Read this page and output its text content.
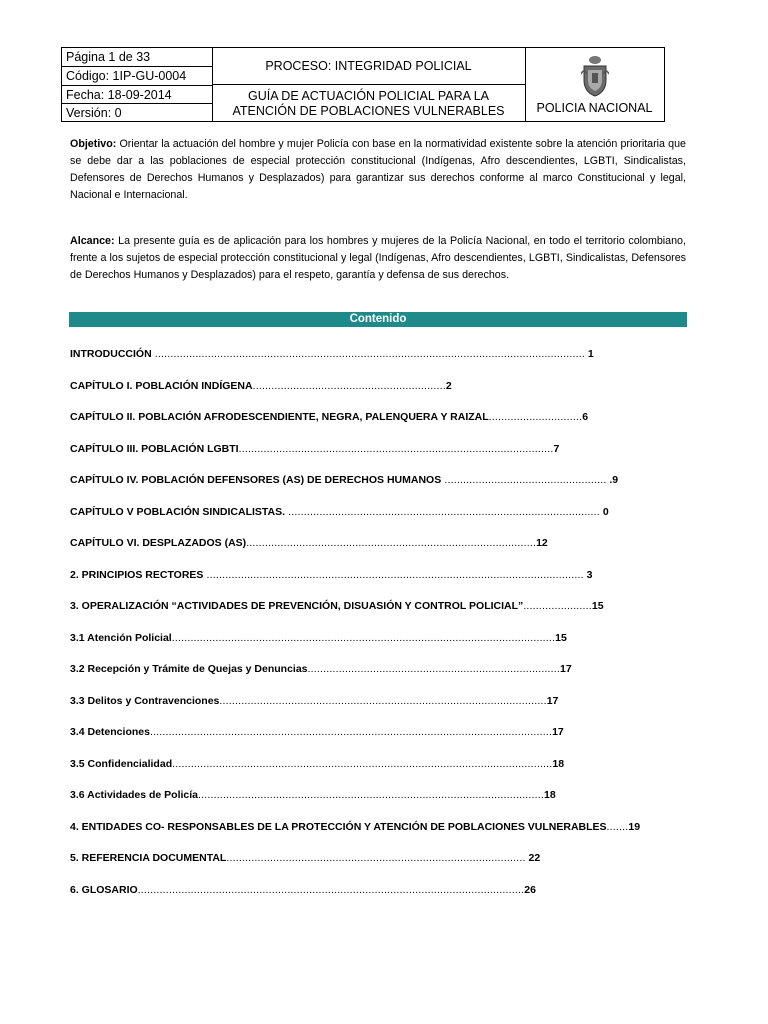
Página 1 de 33
Código: 1IP-GU-0004
Fecha: 18-09-2014
Versión: 0
PROCESO: INTEGRIDAD POLICIAL
GUÍA DE ACTUACIÓN POLICIAL PARA LA
ATENCIÓN DE POBLACIONES VULNERABLES	POLICIA NACIONAL
Objetivo: Orientar la actuación del hombre y mujer Policía con base en la normatividad existente sobre la atención prioritaria que se debe dar a las poblaciones de especial protección constitucional (Indígenas, Afro descendientes, LGBTI, Sindicalistas, Defensores de Derechos Humanos y Desplazados) para garantizar sus derechos conforme al marco Constitucional y legal, Nacional e Internacional.
Alcance: La presente guía es de aplicación para los hombres y mujeres de la Policía Nacional, en todo el territorio colombiano, frente a los sujetos de especial protección constitucional y legal (Indígenas, Afro descendientes, LGBTI, Sindicalistas, Defensores de Derechos Humanos y Desplazados) para el respeto, garantía y defensa de sus derechos.
Contenido
INTRODUCCIÓN .......................................................................................................................................... 1
CAPÍTULO I. POBLACIÓN INDÍGENA..............................................................2
CAPÍTULO II. POBLACIÓN AFRODESCENDIENTE, NEGRA, PALENQUERA Y RAIZAL..............................6
CAPÍTULO III. POBLACIÓN LGBTI.....................................................................................................7
CAPÍTULO IV. POBLACIÓN DEFENSORES (AS) DE DERECHOS HUMANOS .................................................... .9
CAPÍTULO V POBLACIÓN SINDICALISTAS. .................................................................................................... 0
CAPÍTULO VI. DESPLAZADOS (AS).............................................................................................12
2. PRINCIPIOS RECTORES ......................................................................................................................... 3
3. OPERALIZACIÓN “ACTIVIDADES DE PREVENCIÓN, DISUASIÓN Y CONTROL POLICIAL”......................15
3.1 Atención Policial...........................................................................................................................15
3.2 Recepción y Trámite de Quejas y Denuncias.................................................................................17
3.3 Delitos y Contravenciones.........................................................................................................17
3.4 Detenciones.................................................................................................................................17
3.5 Confidencialidad..........................................................................................................................18
3.6 Actividades de Policía...............................................................................................................18
4. ENTIDADES CO- RESPONSABLES DE LA PROTECCIÓN Y ATENCIÓN DE POBLACIONES VULNERABLES.......19
5. REFERENCIA DOCUMENTAL................................................................................................ 22
6. GLOSARIO............................................................................................................................26
